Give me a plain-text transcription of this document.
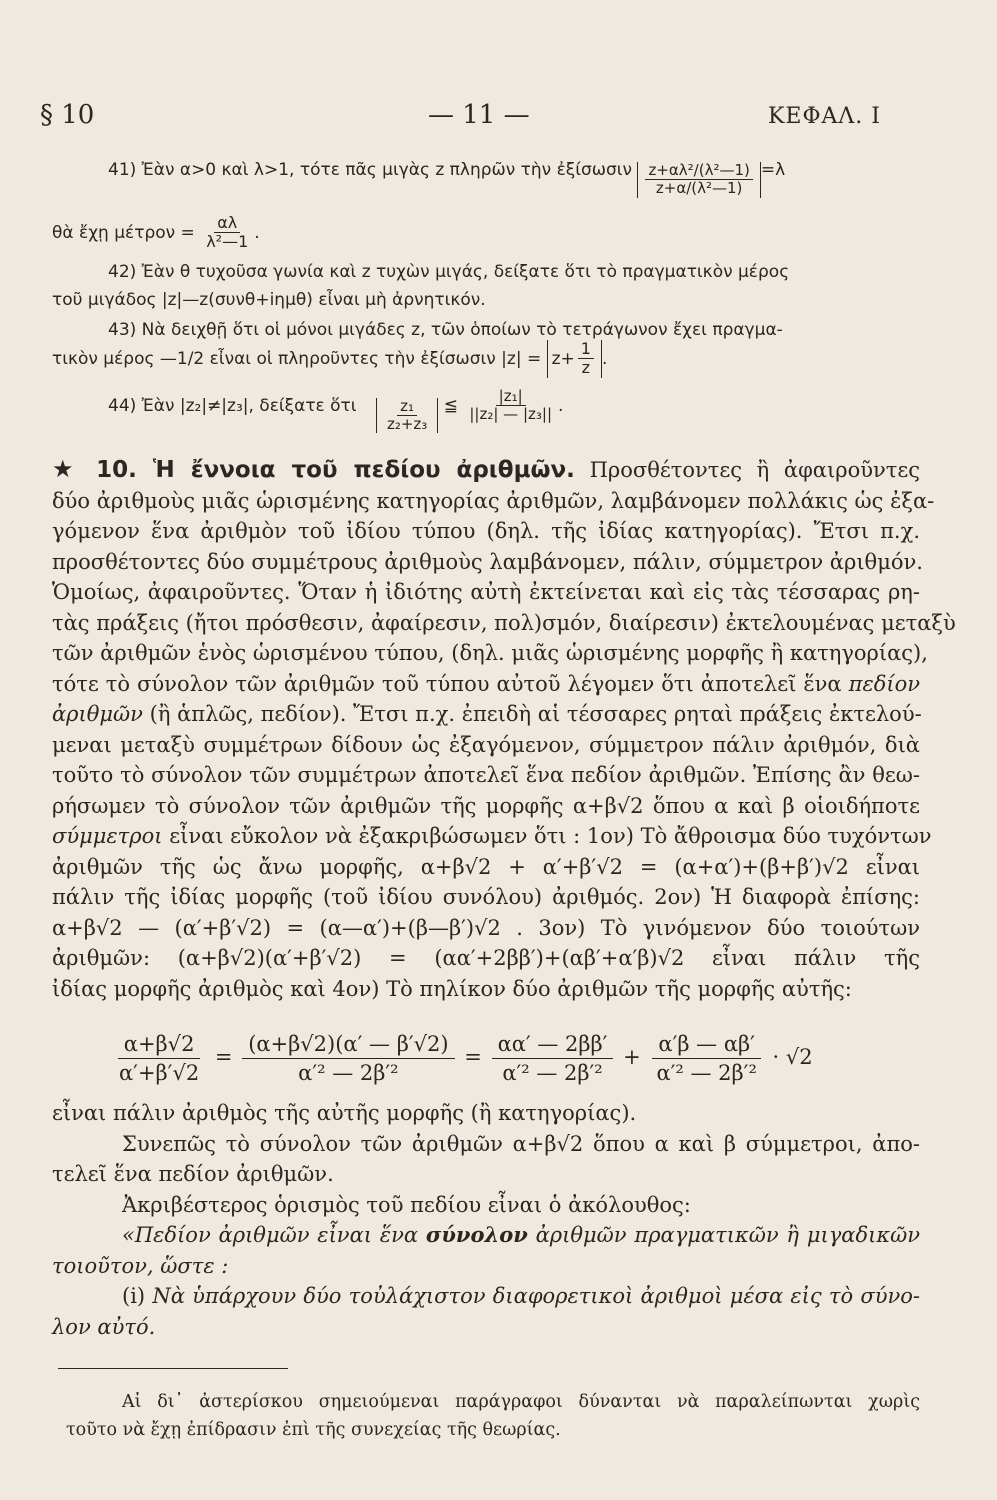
§ 10	— 11 —	ΚΕΦΑΛ. Ι
41) Ἐὰν α>0 καὶ λ>1, τότε πᾶς μιγὰς z πληρῶν τὴν ἐξίσωσιν $\frac{\text{z+αλ²/(λ²—1)}}{\text{z+α/(λ²—1)}} =\lambda$
θὰ ἔχῃ $\mu έ\tau\rho o\nu = \frac{\alpha\lambda}{\text{λ²—1}}$ .
42) Ἐὰν θ τυχοῦσα γωνία καὶ z τυχὼν μιγάς, δείξατε ὅτι τὸ πραγματικὸν μέρος
τοῦ μιγάδος |z|—z(συνθ+iημθ) εἶναι μὴ ἀρνητικόν.
43) Νὰ δειχθῇ ὅτι οἱ μόνοι μιγάδες z, τῶν ὁποίων τὸ τετράγωνον ἔχει πραγμα-
τικὸν μέρος —1/2 εἶναι οἱ πληροῦντες τὴν ἐξίσωσιν $|z| = z+ \frac{1}{z}$ .
44) Ἐὰν |z₂|≠|z₃|, δείξατε ὅτι $\frac{\text{z₁}}{\text{z₂+z₃}}$ ≦ $\frac{\text{|z₁|}}{\text{||z₂| — |z₃||}}$ .
★ 10. Ἡ ἔννοια τοῦ πεδίου ἀριθμῶν. Προσθέτοντες ἢ ἀφαιροῦντες
δύο ἀριθμοὺς μιᾶς ὡρισμένης κατηγορίας ἀριθμῶν, λαμβάνομεν πολλάκις ὡς ἐξα-
γόμενον ἕνα ἀριθμὸν τοῦ ἰδίου τύπου (δηλ. τῆς ἰδίας κατηγορίας). Ἔτσι π.χ.
προσθέτοντες δύο συμμέτρους ἀριθμοὺς λαμβάνομεν, πάλιν, σύμμετρον ἀριθμόν.
Ὁμοίως, ἀφαιροῦντες. Ὅταν ἡ ἰδιότης αὐτὴ ἐκτείνεται καὶ εἰς τὰς τέσσαρας ρη-
τὰς πράξεις (ἤτοι πρόσθεσιν, ἀφαίρεσιν, πολ)σμόν, διαίρεσιν) ἐκτελουμένας μεταξὺ
τῶν ἀριθμῶν ἑνὸς ὡρισμένου τύπου, (δηλ. μιᾶς ὡρισμένης μορφῆς ἢ κατηγορίας),
τότε τὸ σύνολον τῶν ἀριθμῶν τοῦ τύπου αὐτοῦ λέγομεν ὅτι ἀποτελεῖ ἕνα πεδίον
ἀριθμῶν (ἢ ἁπλῶς, πεδίον). Ἔτσι π.χ. ἐπειδὴ αἱ τέσσαρες ρηταὶ πράξεις ἐκτελού-
μεναι μεταξὺ συμμέτρων δίδουν ὡς ἐξαγόμενον, σύμμετρον πάλιν ἀριθμόν, διὰ
τοῦτο τὸ σύνολον τῶν συμμέτρων ἀποτελεῖ ἕνα πεδίον ἀριθμῶν. Ἐπίσης ἂν θεω-
ρήσωμεν τὸ σύνολον τῶν ἀριθμῶν τῆς μορφῆς α+β√2 ὅπου α καὶ β οἱοιδήποτε
σύμμετροι εἶναι εὔκολον νὰ ἐξακριβώσωμεν ὅτι : 1ον) Τὸ ἄθροισμα δύο τυχόντων
ἀριθμῶν τῆς ὡς ἄνω μορφῆς, α+β√2 + α′+β′√2 = (α+α′)+(β+β′)√2 εἶναι
πάλιν τῆς ἰδίας μορφῆς (τοῦ ἰδίου συνόλου) ἀριθμός. 2ον) Ἡ διαφορὰ ἐπίσης:
α+β√2 — (α′+β′√2) = (α—α′)+(β—β′)√2 . 3ον) Τὸ γινόμενον δύο τοιούτων
ἀριθμῶν: (α+β√2)(α′+β′√2) = (αα′+2ββ′)+(αβ′+α′β)√2 εἶναι πάλιν τῆς
ἰδίας μορφῆς ἀριθμὸς καὶ 4ον) Τὸ πηλίκον δύο ἀριθμῶν τῆς μορφῆς αὐτῆς:
$\frac{\alpha+\beta√2}{\alpha'+\beta'√2} = \frac{(\alpha+\beta√2)(\alpha' — \beta'√2)}{\text{α′² — 2β′²}} = \frac{\alpha\alpha' — 2\beta\beta'}{\text{α′² — 2β′²}} + \frac{\alpha'\beta — \alpha\beta'}{\text{α′² — 2β′²}} \cdot √2$
εἶναι πάλιν ἀριθμὸς τῆς αὐτῆς μορφῆς (ἢ κατηγορίας).
Συνεπῶς τὸ σύνολον τῶν ἀριθμῶν α+β√2 ὅπου α καὶ β σύμμετροι, ἀπο-
τελεῖ ἕνα πεδίον ἀριθμῶν.
Ἀκριβέστερος ὁρισμὸς τοῦ πεδίου εἶναι ὁ ἀκόλουθος:
«Πεδίον ἀριθμῶν εἶναι ἕνα σύνολον ἀριθμῶν πραγματικῶν ἢ μιγαδικῶν
τοιοῦτον, ὥστε :
(i) Νὰ ὑπάρχουν δύο τοὐλάχιστον διαφορετικοὶ ἀριθμοὶ μέσα εἰς τὸ σύνο-
λον αὐτό.
Αἱ δι᾽ ἀστερίσκου σημειούμεναι παράγραφοι δύνανται νὰ παραλείπωνται χωρὶς
τοῦτο νὰ ἔχῃ ἐπίδρασιν ἐπὶ τῆς συνεχείας τῆς θεωρίας.
